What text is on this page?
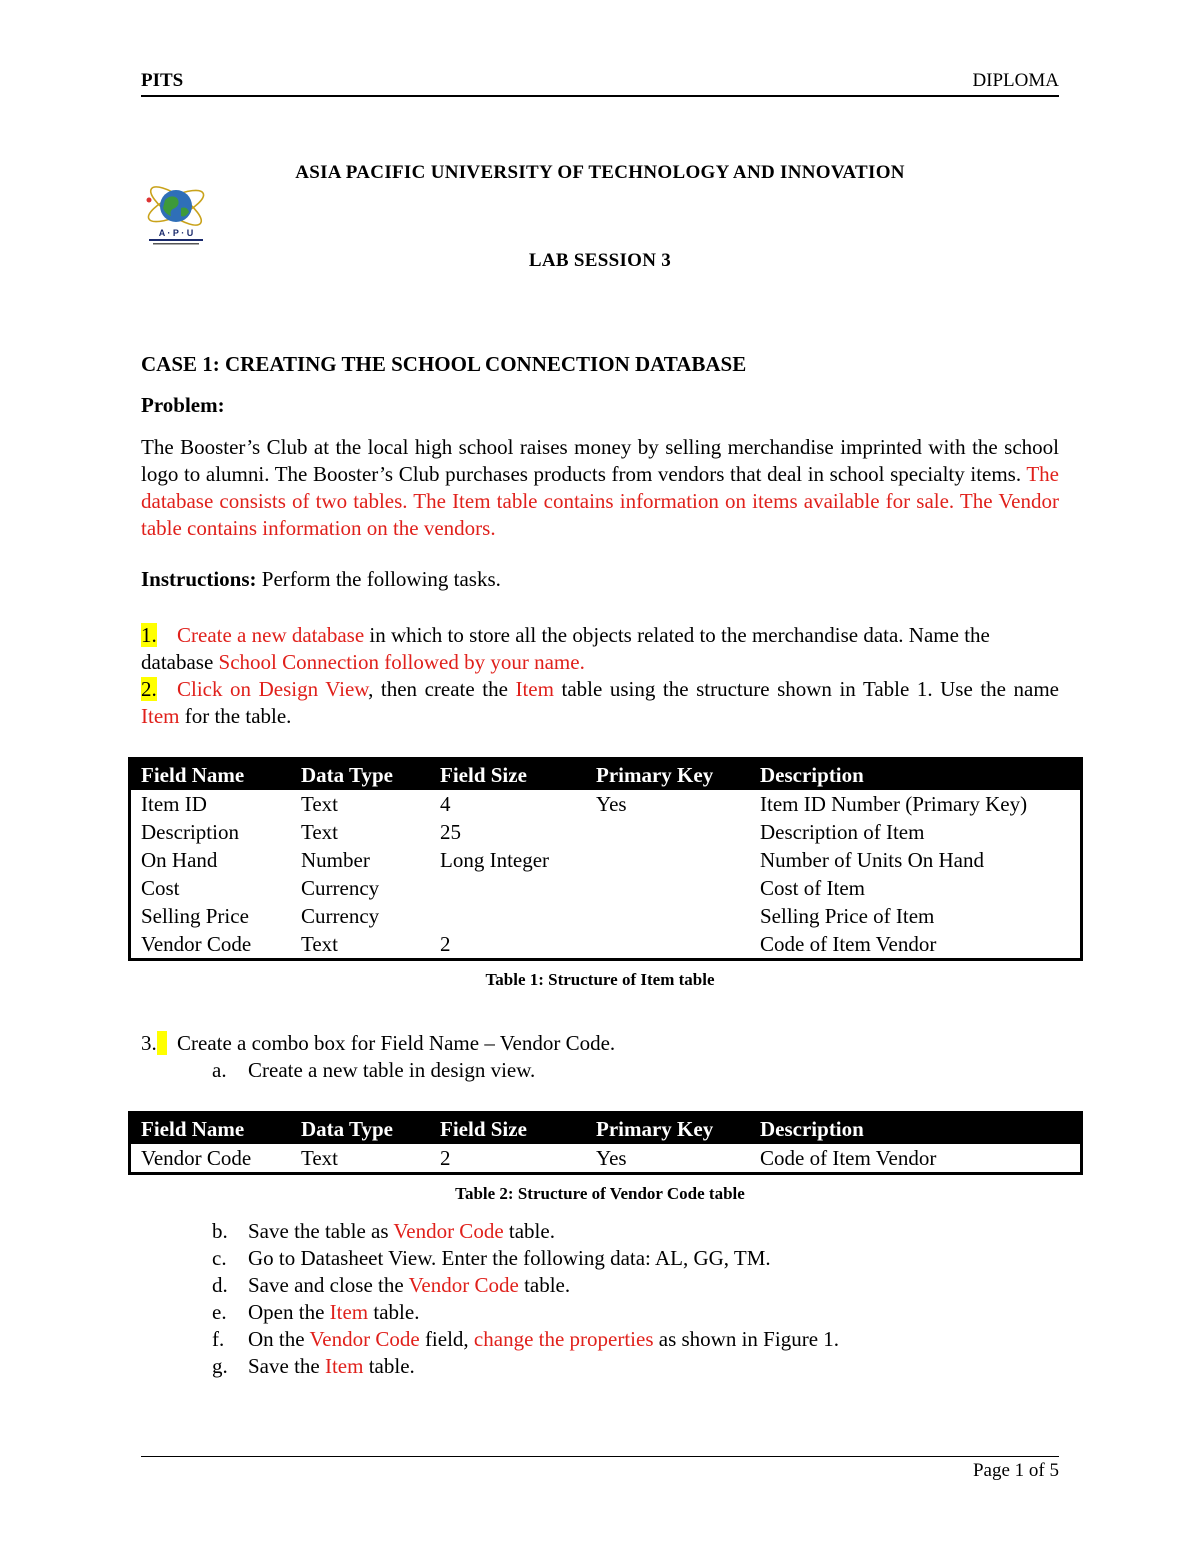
PITS	DIPLOMA
ASIA PACIFIC UNIVERSITY OF TECHNOLOGY AND INNOVATION
A · P · U
LAB SESSION 3
CASE 1: CREATING THE SCHOOL CONNECTION DATABASE
Problem:
The Booster’s Club at the local high school raises money by selling merchandise imprinted with the school logo to alumni. The Booster’s Club purchases products from vendors that deal in school specialty items. The database consists of two tables. The Item table contains information on items available for sale. The Vendor table contains information on the vendors.
Instructions: Perform the following tasks.
1. Create a new database in which to store all the objects related to the merchandise data. Name the database School Connection followed by your name.
2. Click on Design View, then create the Item table using the structure shown in Table 1. Use the name Item for the table.
Field Name	Data Type	Field Size	Primary Key	Description
Item ID	Text	4	Yes	Item ID Number (Primary Key)
Description	Text	25		Description of Item
On Hand	Number	Long Integer		Number of Units On Hand
Cost	Currency			Cost of Item
Selling Price	Currency			Selling Price of Item
Vendor Code	Text	2		Code of Item Vendor
Table 1: Structure of Item table
3. Create a combo box for Field Name – Vendor Code.
a. Create a new table in design view.
Field Name	Data Type	Field Size	Primary Key	Description
Vendor Code	Text	2	Yes	Code of Item Vendor
Table 2: Structure of Vendor Code table
b. Save the table as Vendor Code table.
c. Go to Datasheet View. Enter the following data: AL, GG, TM.
d. Save and close the Vendor Code table.
e. Open the Item table.
f. On the Vendor Code field, change the properties as shown in Figure 1.
g. Save the Item table.
Page 1 of 5
